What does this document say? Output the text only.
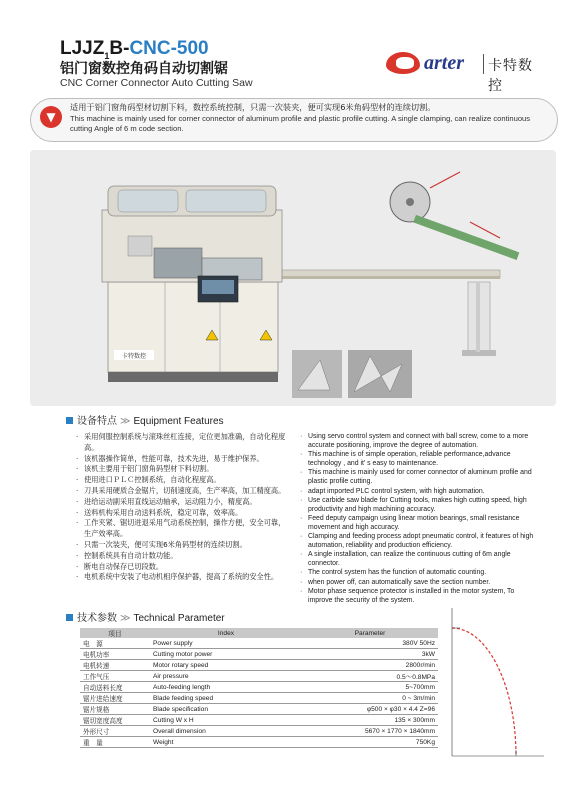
$LJJZ_1B-CNC-500$
铝门窗数控角码自动切割锯
CNC Corner Connector Auto Cutting Saw
arter 卡特数控
▼
适用于铝门窗角码型材切割下料，数控系统控制，只需一次装夹，便可实现6米角码型材的连续切割。
This machine is mainly used for corner connector of aluminum profile and plastic profile cutting. A single clamping, can realize continuous cutting Angle of 6 m code section.
卡特数控
设备特点 ≫ Equipment Features
· 采用伺服控制系统与滚珠丝杠连接，定位更加准确，自动化程度高。
· 该机器操作简单，性能可靠，技术先进，易于维护保养。
· 该机主要用于铝门窗角码型材下料切割。
· 使用进口ＰＬＣ控制系统，自动化程度高。
· 刀具采用硬质合金锯片，切削速度高，生产率高，加工精度高。
· 进给运动副采用直线运动轴承，运动阻力小，精度高。
· 送料机构采用自动送料系统，稳定可靠，效率高。
· 工作夹紧、锯切进退采用气动系统控制，操作方便，安全可靠，生产效率高。
· 只需一次装夹，便可实现6米角码型材的连续切割。
· 控制系统具有自动计数功能。
· 断电自动保存已切段数。
· 电机系统中安装了电动机相序保护器，提高了系统的安全性。
· Using servo control system and connect with ball screw, come to a more accurate positioning, improve the degree of automation.
· This machine is of simple operation, reliable performance,advance technology , and it' s easy to maintenance.
· This machine is mainly used for corner connector of aluminum profile and plastic profile cutting.
· adapt imported PLC control system, with high automation.
· Use carbide saw blade for Cutting tools, makes high cutting speed, high productivity and high machining accuracy.
· Feed deputy campaign using linear motion bearings, small resistance movement and high accuracy.
· Clamping and feeding process adopt pneumatic control, it features of high automation, reliability and production efficiency.
· A single installation, can realize the continuous cutting of 6m angle connector.
· The control system has the function of automatic counting.
· when power off, can automatically save the section number.
· Motor phase sequence protector is installed in the motor system, To improve the security of the system.
技术参数 ≫ Technical Parameter
项目	Index	Parameter
电　源	Power supply	380V 50Hz
电机功率	Cutting motor power	3kW
电机转速	Motor rotary speed	2800r/min
工作气压	Air pressure	0.5～0.8MPa
自动送料长度	Auto-feeding length	5~700mm
锯片进给速度	Blade feeding speed	0 ~ 3m/min
锯片规格	Blade specification	φ500 × φ30 × 4.4 Z=96
锯切宽度高度	Cutting W x H	135 × 300mm
外形尺寸	Overall dimension	5670 × 1770 × 1840mm
重　量	Weight	750Kg
